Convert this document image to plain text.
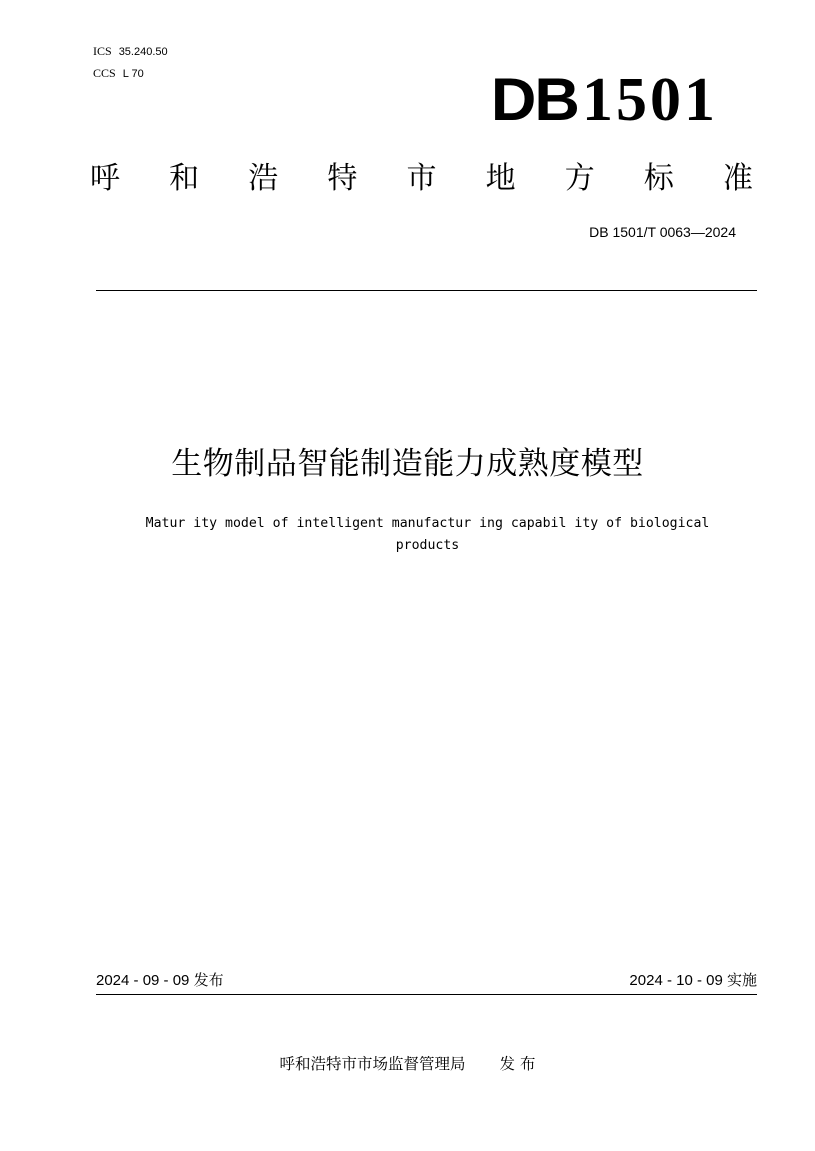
ICS 35.240.50
CCS L 70	DB 1501
呼 和 浩 特 市 地 方 标 准
DB 1501/T 0063—2024
生物制品智能制造能力成熟度模型
Matur ity model of intelligent manufactur ing capabil ity of biological
products
2024 - 09 - 09 发布	2024 - 10 - 09 实施
呼和浩特市市场监督管理局 发 布
